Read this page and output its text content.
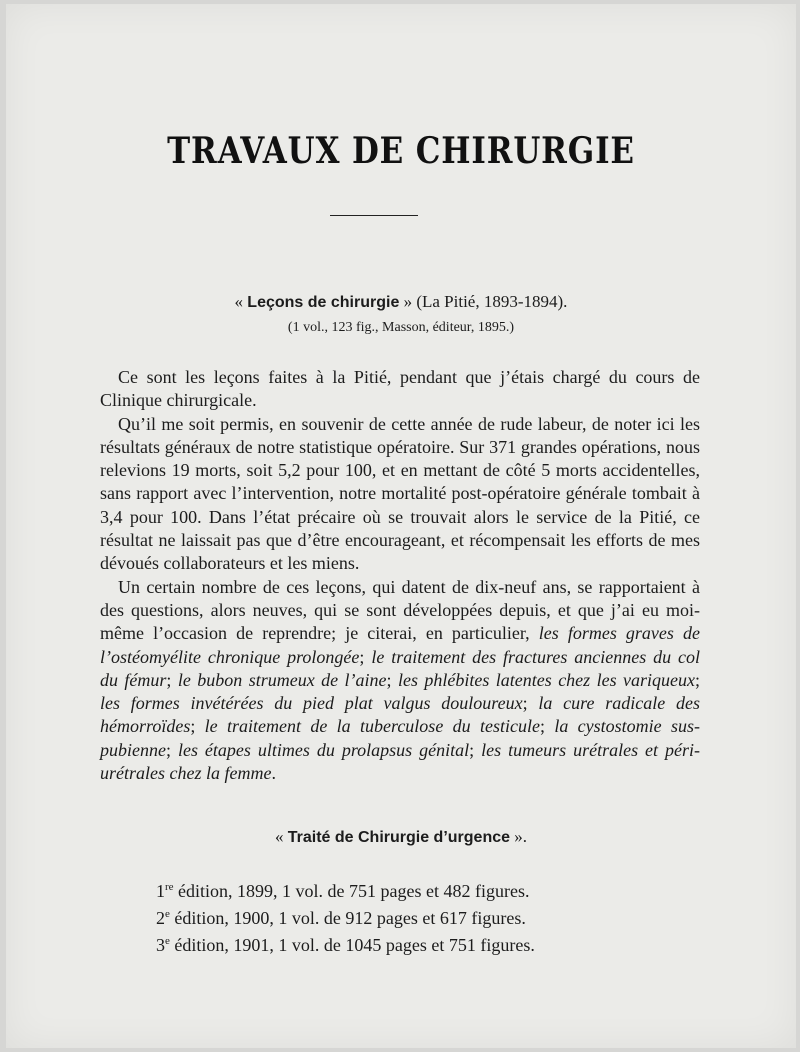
TRAVAUX DE CHIRURGIE
« Leçons de chirurgie » (La Pitié, 1893-1894).
(1 vol., 123 fig., Masson, éditeur, 1895.)

Ce sont les leçons faites à la Pitié, pendant que j’étais chargé du cours de Clinique chirurgicale.

Qu’il me soit permis, en souvenir de cette année de rude labeur, de noter ici les résultats généraux de notre statistique opératoire. Sur 371 grandes opérations, nous relevions 19 morts, soit 5,2 pour 100, et en mettant de côté 5 morts accidentelles, sans rapport avec l’intervention, notre mortalité post-opératoire générale tombait à 3,4 pour 100. Dans l’état précaire où se trouvait alors le service de la Pitié, ce résultat ne laissait pas que d’être encourageant, et récompensait les efforts de mes dévoués collaborateurs et les miens.

Un certain nombre de ces leçons, qui datent de dix-neuf ans, se rapportaient à des questions, alors neuves, qui se sont développées depuis, et que j’ai eu moi-même l’occasion de reprendre; je citerai, en particulier, les formes graves de l’ostéomyélite chronique prolongée; le traitement des fractures anciennes du col du fémur; le bubon strumeux de l’aine; les phlébites latentes chez les variqueux; les formes invétérées du pied plat valgus douloureux; la cure radicale des hémorroïdes; le traitement de la tuberculose du testicule; la cystostomie sus-pubienne; les étapes ultimes du prolapsus génital; les tumeurs urétrales et péri-urétrales chez la femme.

« Traité de Chirurgie d’urgence ».
1re édition, 1899, 1 vol. de 751 pages et 482 figures.
2e édition, 1900, 1 vol. de 912 pages et 617 figures.
3e édition, 1901, 1 vol. de 1045 pages et 751 figures.
